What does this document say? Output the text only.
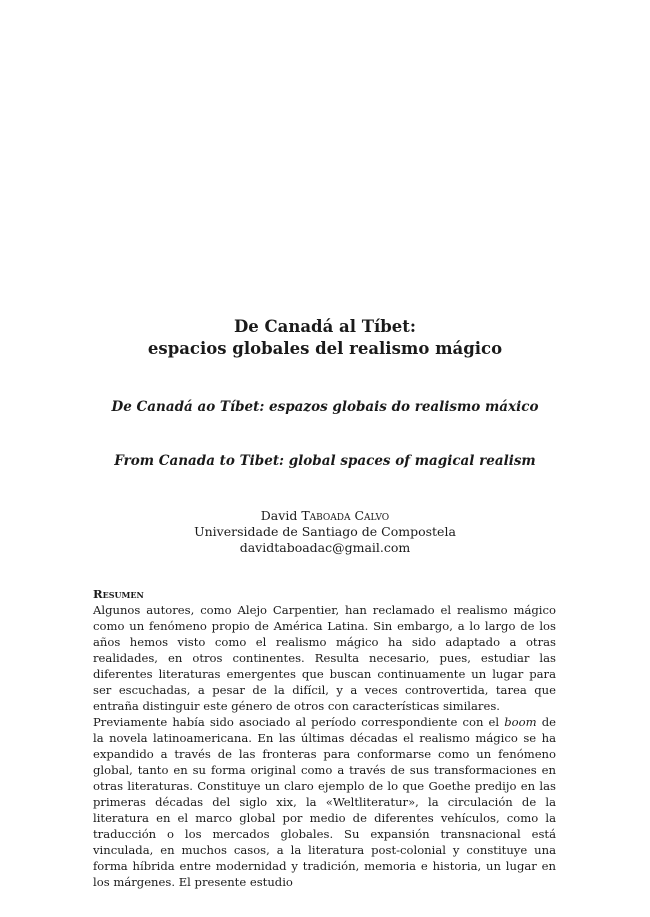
De Canadá al Tíbet:
espacios globales del realismo mágico
De Canadá ao Tíbet: espazos globais do realismo máxico
From Canada to Tibet: global spaces of magical realism
David Taboada Calvo
Universidade de Santiago de Compostela
davidtaboadac@gmail.com
Resumen

Algunos autores, como Alejo Carpentier, han reclamado el realismo mágico como un fenómeno propio de América Latina. Sin embargo, a lo largo de los años hemos visto como el realismo mágico ha sido adaptado a otras realidades, en otros continentes. Resulta necesario, pues, estudiar las diferentes literaturas emergentes que buscan continuamente un lugar para ser escuchadas, a pesar de la difícil, y a veces controvertida, tarea que entraña distinguir este género de otros con características similares.

Previamente había sido asociado al período correspondiente con el boom de la novela latinoamericana. En las últimas décadas el realismo mágico se ha expandido a través de las fronteras para conformarse como un fenómeno global, tanto en su forma original como a través de sus transformaciones en otras literaturas. Constituye un claro ejemplo de lo que Goethe predijo en las primeras décadas del siglo xix, la «Weltliteratur», la circulación de la literatura en el marco global por medio de diferentes vehículos, como la traducción o los mercados globales. Su expansión transnacional está vinculada, en muchos casos, a la literatura post-colonial y constituye una forma híbrida entre modernidad y tradición, memoria e historia, un lugar en los márgenes. El presente estudio
